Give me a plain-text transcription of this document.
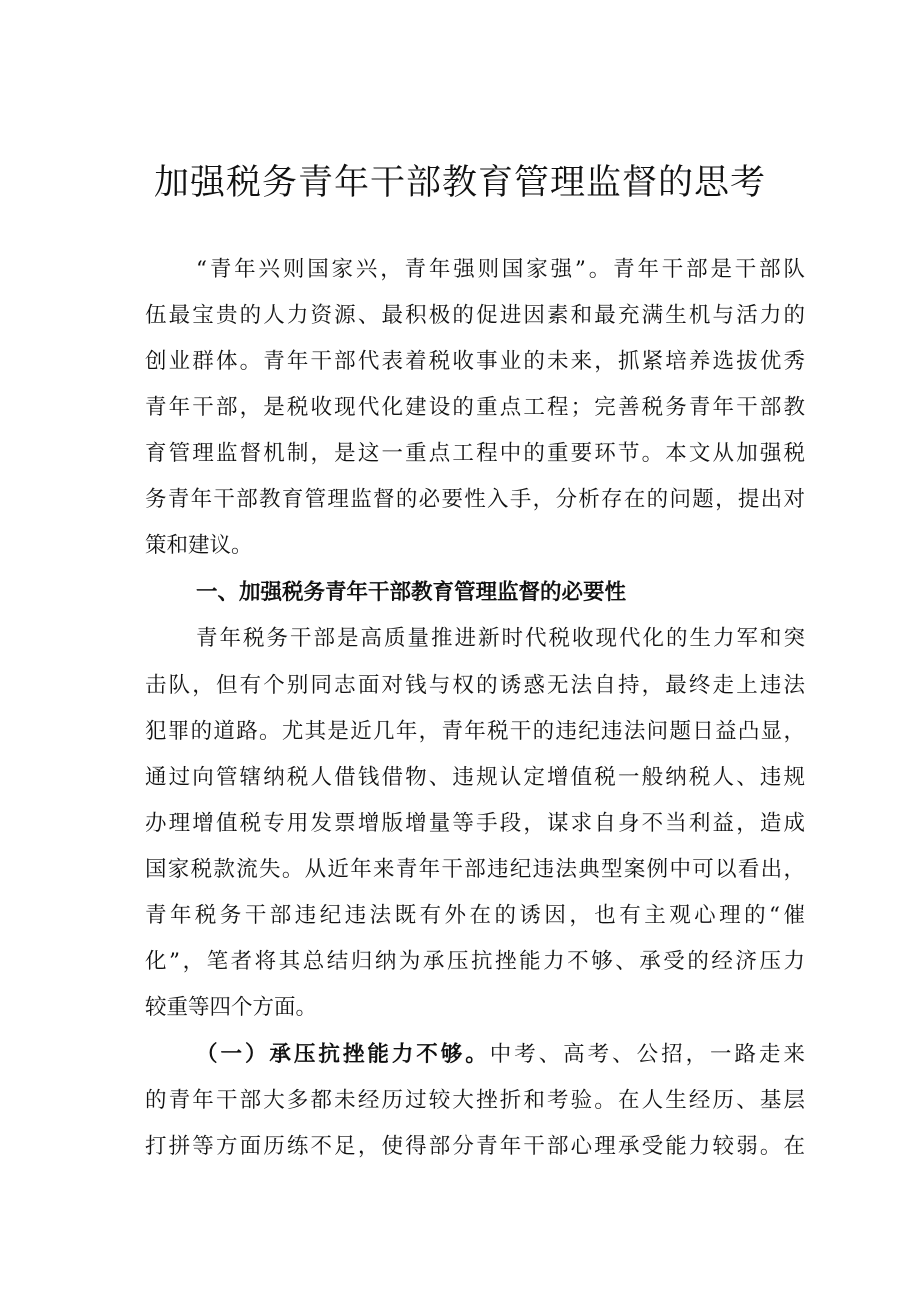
加强税务青年干部教育管理监督的思考
“青年兴则国家兴，青年强则国家强”。青年干部是干部队
伍最宝贵的人力资源、最积极的促进因素和最充满生机与活力的
创业群体。青年干部代表着税收事业的未来，抓紧培养选拔优秀
青年干部，是税收现代化建设的重点工程；完善税务青年干部教
育管理监督机制，是这一重点工程中的重要环节。本文从加强税
务青年干部教育管理监督的必要性入手，分析存在的问题，提出对
策和建议。
一、加强税务青年干部教育管理监督的必要性
青年税务干部是高质量推进新时代税收现代化的生力军和突
击队，但有个别同志面对钱与权的诱惑无法自持，最终走上违法
犯罪的道路。尤其是近几年，青年税干的违纪违法问题日益凸显，
通过向管辖纳税人借钱借物、违规认定增值税一般纳税人、违规
办理增值税专用发票增版增量等手段，谋求自身不当利益，造成
国家税款流失。从近年来青年干部违纪违法典型案例中可以看出，
青年税务干部违纪违法既有外在的诱因，也有主观心理的“催
化”，笔者将其总结归纳为承压抗挫能力不够、承受的经济压力
较重等四个方面。
（一）承压抗挫能力不够。中考、高考、公招，一路走来
的青年干部大多都未经历过较大挫折和考验。在人生经历、基层
打拼等方面历练不足，使得部分青年干部心理承受能力较弱。在
